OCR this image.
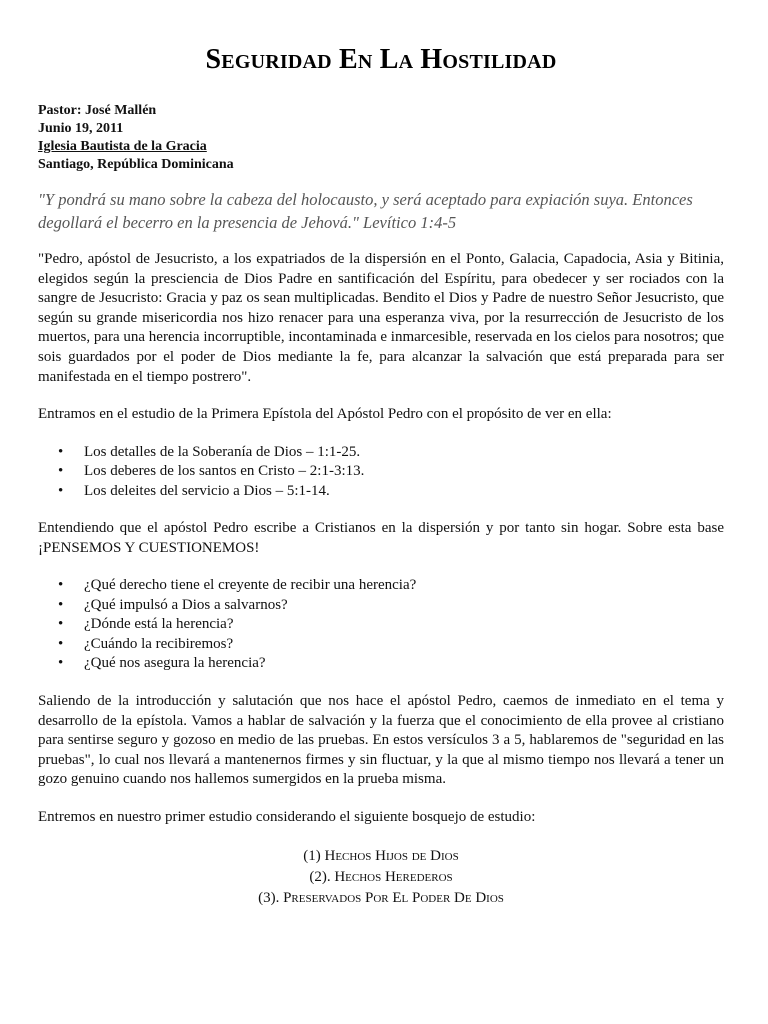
Seguridad En La Hostilidad
Pastor: José Mallén
Junio 19, 2011
Iglesia Bautista de la Gracia
Santiago, República Dominicana

"Y pondrá su mano sobre la cabeza del holocausto, y será aceptado para expiación suya. Entonces degollará el becerro en la presencia de Jehová." Levítico 1:4-5

"Pedro, apóstol de Jesucristo, a los expatriados de la dispersión en el Ponto, Galacia, Capadocia, Asia y Bitinia, elegidos según la presciencia de Dios Padre en santificación del Espíritu, para obedecer y ser rociados con la sangre de Jesucristo: Gracia y paz os sean multiplicadas. Bendito el Dios y Padre de nuestro Señor Jesucristo, que según su grande misericordia nos hizo renacer para una esperanza viva, por la resurrección de Jesucristo de los muertos, para una herencia incorruptible, incontaminada e inmarcesible, reservada en los cielos para nosotros; que sois guardados por el poder de Dios mediante la fe, para alcanzar la salvación que está preparada para ser manifestada en el tiempo postrero".

Entramos en el estudio de la Primera Epístola del Apóstol Pedro con el propósito de ver en ella:

• Los detalles de la Soberanía de Dios – 1:1-25.
• Los deberes de los santos en Cristo – 2:1-3:13.
• Los deleites del servicio a Dios – 5:1-14.

Entendiendo que el apóstol Pedro escribe a Cristianos en la dispersión y por tanto sin hogar. Sobre esta base ¡PENSEMOS Y CUESTIONEMOS!

• ¿Qué derecho tiene el creyente de recibir una herencia?
• ¿Qué impulsó a Dios a salvarnos?
• ¿Dónde está la herencia?
• ¿Cuándo la recibiremos?
• ¿Qué nos asegura la herencia?

Saliendo de la introducción y salutación que nos hace el apóstol Pedro, caemos de inmediato en el tema y desarrollo de la epístola. Vamos a hablar de salvación y la fuerza que el conocimiento de ella provee al cristiano para sentirse seguro y gozoso en medio de las pruebas. En estos versículos 3 a 5, hablaremos de "seguridad en las pruebas", lo cual nos llevará a mantenernos firmes y sin fluctuar, y la que al mismo tiempo nos llevará a tener un gozo genuino cuando nos hallemos sumergidos en la prueba misma.

Entremos en nuestro primer estudio considerando el siguiente bosquejo de estudio:

(1) Hechos Hijos de Dios
(2). Hechos Herederos
(3). Preservados Por El Poder De Dios
